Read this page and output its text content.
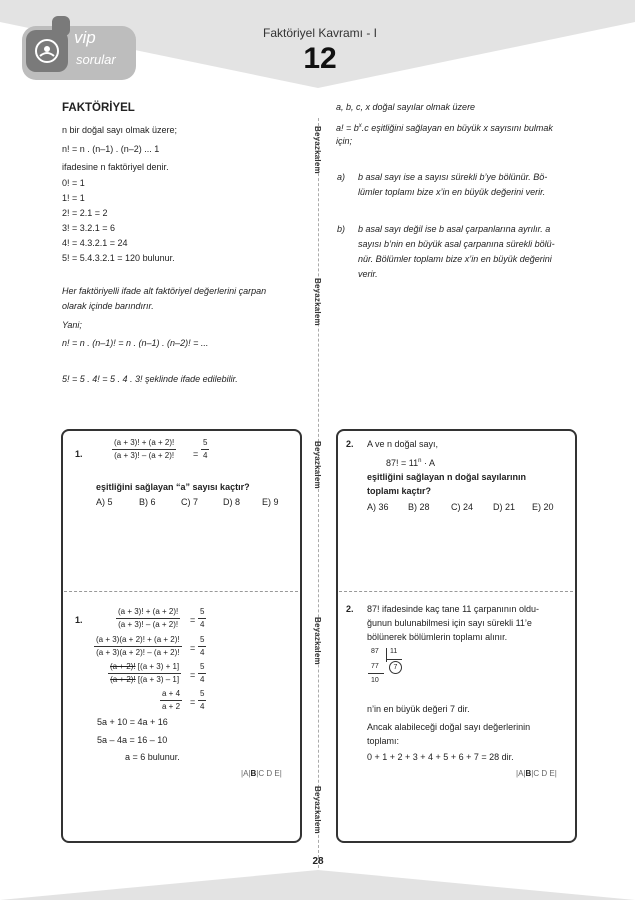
vip
sorular
Faktöriyel Kavramı - I
12
Beyazkalem
Beyazkalem
Beyazkalem
Beyazkalem
Beyazkalem
FAKTÖRİYEL
n bir doğal sayı olmak üzere;
n! = n . (n–1) . (n–2) ... 1
ifadesine n faktöriyel denir.
0! = 1
1! = 1
2! = 2.1 = 2
3! = 3.2.1 = 6
4! = 4.3.2.1 = 24
5! = 5.4.3.2.1 = 120 bulunur.
Her faktöriyelli ifade alt faktöriyel değerlerini çarpan
olarak içinde barındırır.
Yani;
n! = n . (n–1)! = n . (n–1) . (n–2)! = ...
5! = 5 . 4! = 5 . 4 . 3! şeklinde ifade edilebilir.
a, b, c, x doğal sayılar olmak üzere
a! = $b^x.c$ eşitliğini sağlayan en büyük x sayısını bulmak
için;
a) b asal sayı ise a sayısı sürekli b’ye bölünür. Bö-
lümler toplamı bize x’in en büyük değerini verir.
b) b asal sayı değil ise b asal çarpanlarına ayrılır. a
sayısı b’nin en büyük asal çarpanına sürekli bölü-
nür. Bölümler toplamı bize x’in en büyük değerini
verir.
1.	$\frac{(a + 3)! + (a + 2)!}{(a + 3)! - (a + 2)!} = \frac{5}{4}$
eşitliğini sağlayan “a” sayısı kaçtır?
A) 5	B) 6	C) 7	D) 8 E) 9
1.	$\frac{(a + 3)! + (a + 2)!}{(a + 3)! - (a + 2)!} = \frac{5}{4}$
$\frac{(a + 3)(a + 2)! + (a + 2)!}{(a + 3)(a + 2)! - (a + 2)!} = \frac{5}{4}$
$\frac{(a + 2)! [(a + 3) + 1]}{(a + 2)! [(a + 3) - 1]} = \frac{5}{4}$
$\frac{a + 4}{a + 2} = \frac{5}{4}$
5a + 10 = 4a + 16
5a – 4a = 16 – 10
a = 6 bulunur.
|A|B|C D E|
2. A ve n doğal sayı,
87! = $11^n \cdot A$
eşitliğini sağlayan n doğal sayılarının
toplamı kaçtır?
A) 36 B) 28 C) 24 D) 21 E) 20
2. 87! ifadesinde kaç tane 11 çarpanının oldu-
ğunun bulunabilmesi için sayı sürekli 11’e
bölünerek bölümlerin toplamı alınır.
87 11
77	7
10
n’in en büyük değeri 7 dir.
Ancak alabileceği doğal sayı değerlerinin
toplamı:
0 + 1 + 2 + 3 + 4 + 5 + 6 + 7 = 28 dir.
|A|B|C D E|
28
